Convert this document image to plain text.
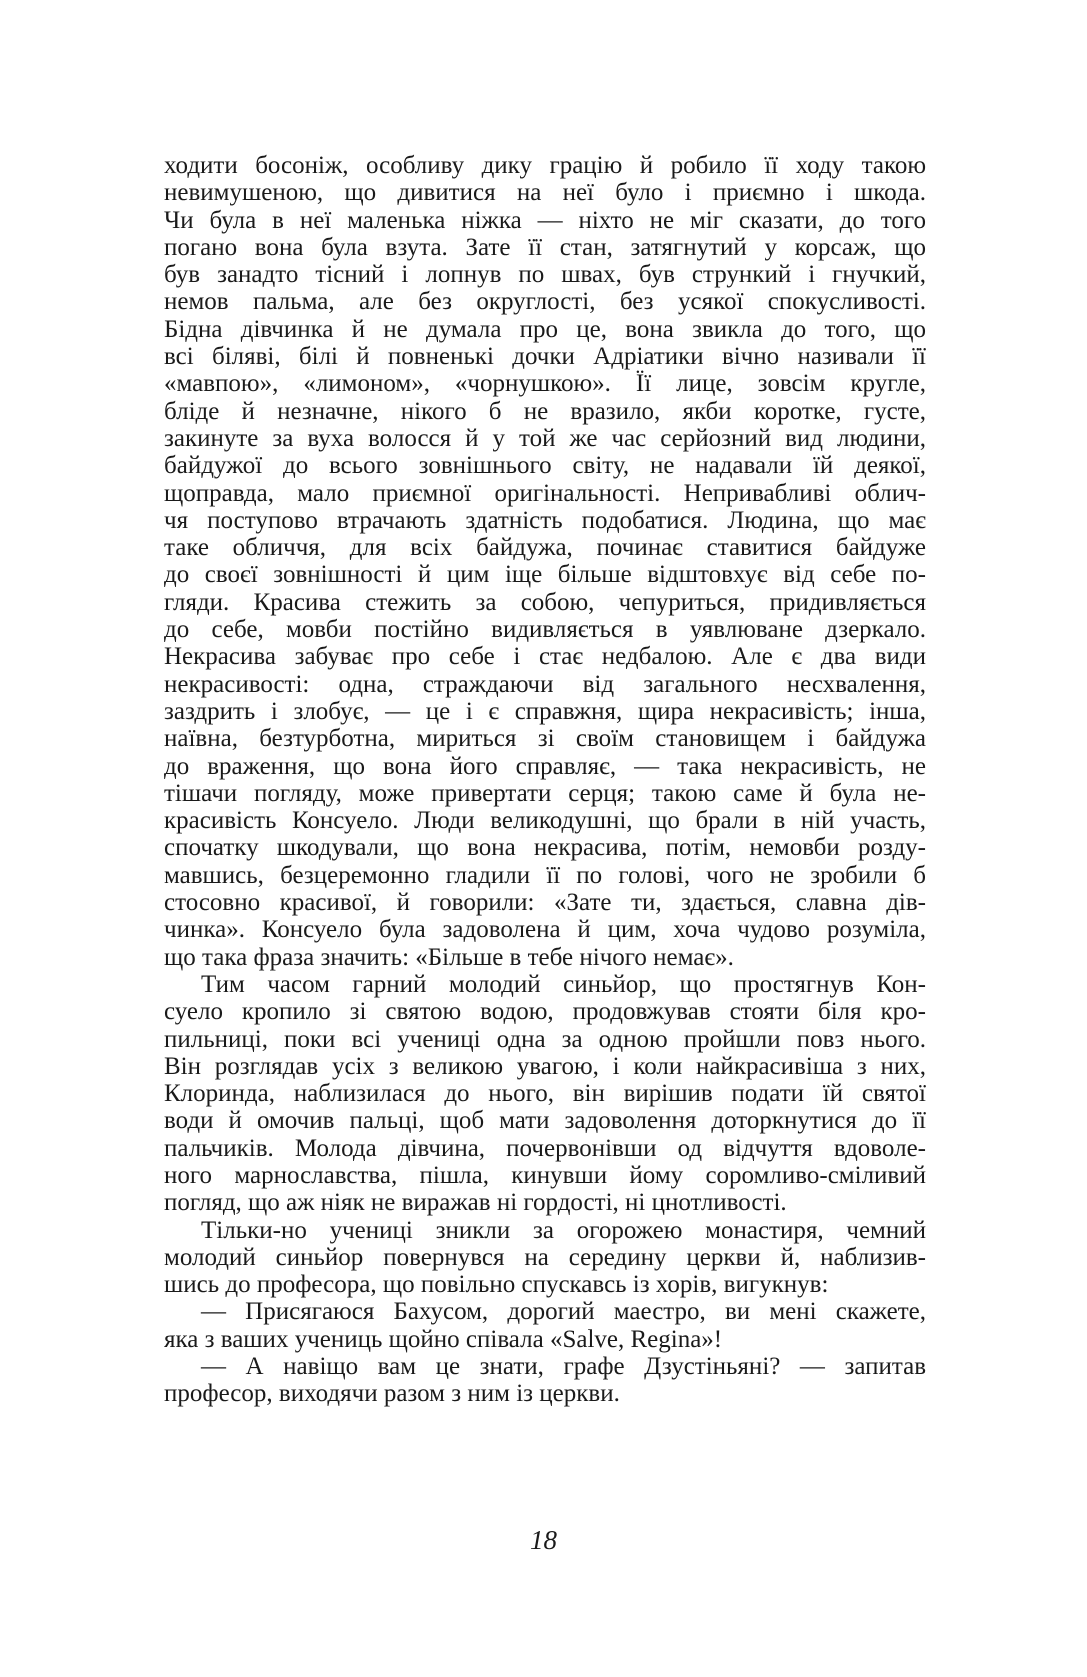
ходити босоніж, особливу дику грацію й робило її ходу такою
невимушеною, що дивитися на неї було і приємно і шкода.
Чи була в неї маленька ніжка — ніхто не міг сказати, до того
погано вона була взута. Зате її стан, затягнутий у корсаж, що
був занадто тісний і лопнув по швах, був стрункий і гнучкий,
немов пальма, але без округлості, без усякої спокусливості.
Бідна дівчинка й не думала про це, вона звикла до того, що
всі біляві, білі й повненькі дочки Адріатики вічно називали її
«мавпою», «лимоном», «чорнушкою». Її лице, зовсім кругле,
бліде й незначне, нікого б не вразило, якби коротке, густе,
закинуте за вуха волосся й у той же час серйозний вид людини,
байдужої до всього зовнішнього світу, не надавали їй деякої,
щоправда, мало приємної оригінальності. Непривабливі облич-
чя поступово втрачають здатність подобатися. Людина, що має
таке обличчя, для всіх байдужа, починає ставитися байдуже
до своєї зовнішності й цим іще більше відштовхує від себе по-
гляди. Красива стежить за собою, чепуриться, придивляється
до себе, мовби постійно видивляється в уявлюване дзеркало.
Некрасива забуває про себе і стає недбалою. Але є два види
некрасивості: одна, страждаючи від загального несхвалення,
заздрить і злобує, — це і є справжня, щира некрасивість; інша,
наївна, безтурботна, мириться зі своїм становищем і байдужа
до враження, що вона його справляє, — така некрасивість, не
тішачи погляду, може привертати серця; такою саме й була не-
красивість Консуело. Люди великодушні, що брали в ній участь,
спочатку шкодували, що вона некрасива, потім, немовби розду-
мавшись, безцеремонно гладили її по голові, чого не зробили б
стосовно красивої, й говорили: «Зате ти, здається, славна дів-
чинка». Консуело була задоволена й цим, хоча чудово розуміла,
що така фраза значить: «Більше в тебе нічого немає».
Тим часом гарний молодий синьйор, що простягнув Кон-
суело кропило зі святою водою, продовжував стояти біля кро-
пильниці, поки всі учениці одна за одною пройшли повз нього.
Він розглядав усіх з великою увагою, і коли найкрасивіша з них,
Клоринда, наблизилася до нього, він вирішив подати їй святої
води й омочив пальці, щоб мати задоволення доторкнутися до її
пальчиків. Молода дівчина, почервонівши од відчуття вдоволе-
ного марнославства, пішла, кинувши йому соромливо-сміливий
погляд, що аж ніяк не виражав ні гордості, ні цнотливості.
Тільки-но учениці зникли за огорожею монастиря, чемний
молодий синьйор повернувся на середину церкви й, наблизив-
шись до професора, що повільно спускавсь із хорів, вигукнув:
— Присягаюся Бахусом, дорогий маестро, ви мені скажете,
яка з ваших учениць щойно співала «Salve, Regina»!
— А навіщо вам це знати, графе Дзустіньяні? — запитав
професор, виходячи разом з ним із церкви.
18
